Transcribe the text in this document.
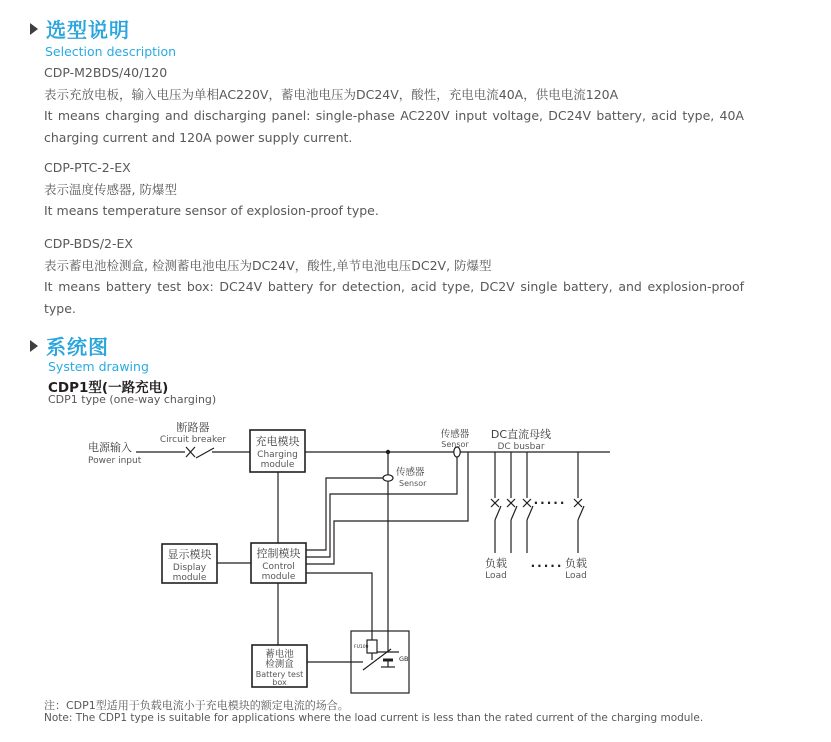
选型说明
Selection description
CDP-M2BDS/40/120
表示充放电板，输入电压为单相AC220V，蓄电池电压为DC24V，酸性，充电电流40A，供电电流120A
It means charging and discharging panel: single-phase AC220V input voltage, DC24V battery, acid type, 40A charging current and 120A power supply current.
CDP-PTC-2-EX
表示温度传感器, 防爆型
It means temperature sensor of explosion-proof type.
CDP-BDS/2-EX
表示蓄电池检测盒, 检测蓄电池电压为DC24V，酸性,单节电池电压DC2V, 防爆型
It means battery test box: DC24V battery for detection, acid type, DC2V single battery, and explosion-proof type.
系统图
System drawing
CDP1型(一路充电)
CDP1 type (one-way charging)
·····
FU100
GB
电源输入
Power input
断路器
Circuit breaker	充电模块
Charging
module
传感器
Sensor
DC直流母线
DC busbar
传感器
Sensor
显示模块
Display
module
控制模块
Control
module
蓄电池
检测盒
Battery test
box
负载
Load
····· 负载
Load
注：CDP1型适用于负载电流小于充电模块的额定电流的场合。
Note: The CDP1 type is suitable for applications where the load current is less than the rated current of the charging module.
